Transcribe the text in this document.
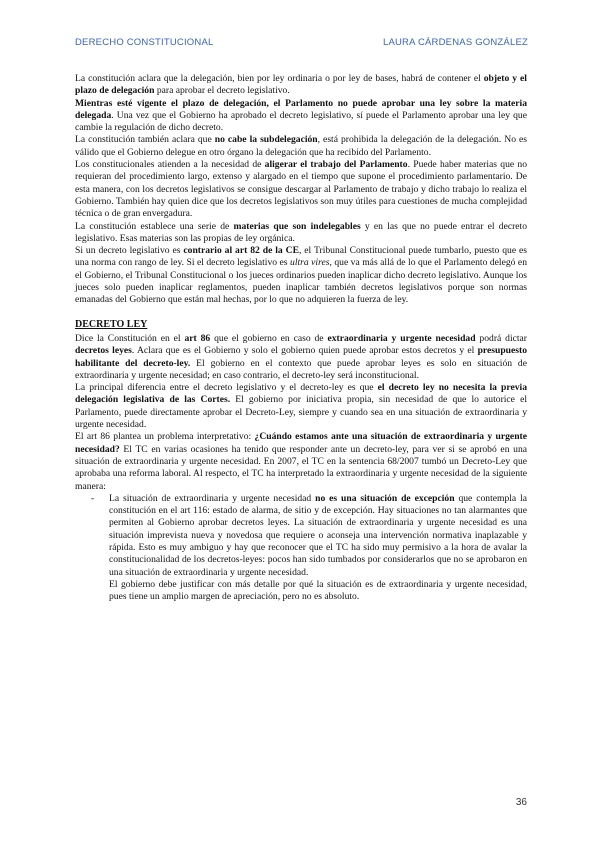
DERECHO CONSTITUCIONAL	LAURA CÁRDENAS GONZÁLEZ

La constitución aclara que la delegación, bien por ley ordinaria o por ley de bases, habrá de contener el objeto y el plazo de delegación para aprobar el decreto legislativo.

Mientras esté vigente el plazo de delegación, el Parlamento no puede aprobar una ley sobre la materia delegada. Una vez que el Gobierno ha aprobado el decreto legislativo, sí puede el Parlamento aprobar una ley que cambie la regulación de dicho decreto.

La constitución también aclara que no cabe la subdelegación, está prohibida la delegación de la delegación. No es válido que el Gobierno delegue en otro órgano la delegación que ha recibido del Parlamento.

Los constitucionales atienden a la necesidad de aligerar el trabajo del Parlamento. Puede haber materias que no requieran del procedimiento largo, extenso y alargado en el tiempo que supone el procedimiento parlamentario. De esta manera, con los decretos legislativos se consigue descargar al Parlamento de trabajo y dicho trabajo lo realiza el Gobierno. También hay quien dice que los decretos legislativos son muy útiles para cuestiones de mucha complejidad técnica o de gran envergadura.

La constitución establece una serie de materias que son indelegables y en las que no puede entrar el decreto legislativo. Esas materias son las propias de ley orgánica.

Si un decreto legislativo es contrario al art 82 de la CE, el Tribunal Constitucional puede tumbarlo, puesto que es una norma con rango de ley. Si el decreto legislativo es ultra vires, que va más allá de lo que el Parlamento delegó en el Gobierno, el Tribunal Constitucional o los jueces ordinarios pueden inaplicar dicho decreto legislativo. Aunque los jueces solo pueden inaplicar reglamentos, pueden inaplicar también decretos legislativos porque son normas emanadas del Gobierno que están mal hechas, por lo que no adquieren la fuerza de ley.

DECRETO LEY

Dice la Constitución en el art 86 que el gobierno en caso de extraordinaria y urgente necesidad podrá dictar decretos leyes. Aclara que es el Gobierno y solo el gobierno quien puede aprobar estos decretos y el presupuesto habilitante del decreto-ley. El gobierno en el contexto que puede aprobar leyes es solo en situación de extraordinaria y urgente necesidad; en caso contrario, el decreto-ley será inconstitucional.

La principal diferencia entre el decreto legislativo y el decreto-ley es que el decreto ley no necesita la previa delegación legislativa de las Cortes. El gobierno por iniciativa propia, sin necesidad de que lo autorice el Parlamento, puede directamente aprobar el Decreto-Ley, siempre y cuando sea en una situación de extraordinaria y urgente necesidad.

El art 86 plantea un problema interpretativo: ¿Cuándo estamos ante una situación de extraordinaria y urgente necesidad? El TC en varias ocasiones ha tenido que responder ante un decreto-ley, para ver si se aprobó en una situación de extraordinaria y urgente necesidad. En 2007, el TC en la sentencia 68/2007 tumbó un Decreto-Ley que aprobaba una reforma laboral. Al respecto, el TC ha interpretado la extraordinaria y urgente necesidad de la siguiente manera:

- La situación de extraordinaria y urgente necesidad no es una situación de excepción que contempla la constitución en el art 116: estado de alarma, de sitio y de excepción. Hay situaciones no tan alarmantes que permiten al Gobierno aprobar decretos leyes. La situación de extraordinaria y urgente necesidad es una situación imprevista nueva y novedosa que requiere o aconseja una intervención normativa inaplazable y rápida. Esto es muy ambiguo y hay que reconocer que el TC ha sido muy permisivo a la hora de avalar la constitucionalidad de los decretos-leyes: pocos han sido tumbados por considerarlos que no se aprobaron en una situación de extraordinaria y urgente necesidad.

El gobierno debe justificar con más detalle por qué la situación es de extraordinaria y urgente necesidad, pues tiene un amplio margen de apreciación, pero no es absoluto.

36
